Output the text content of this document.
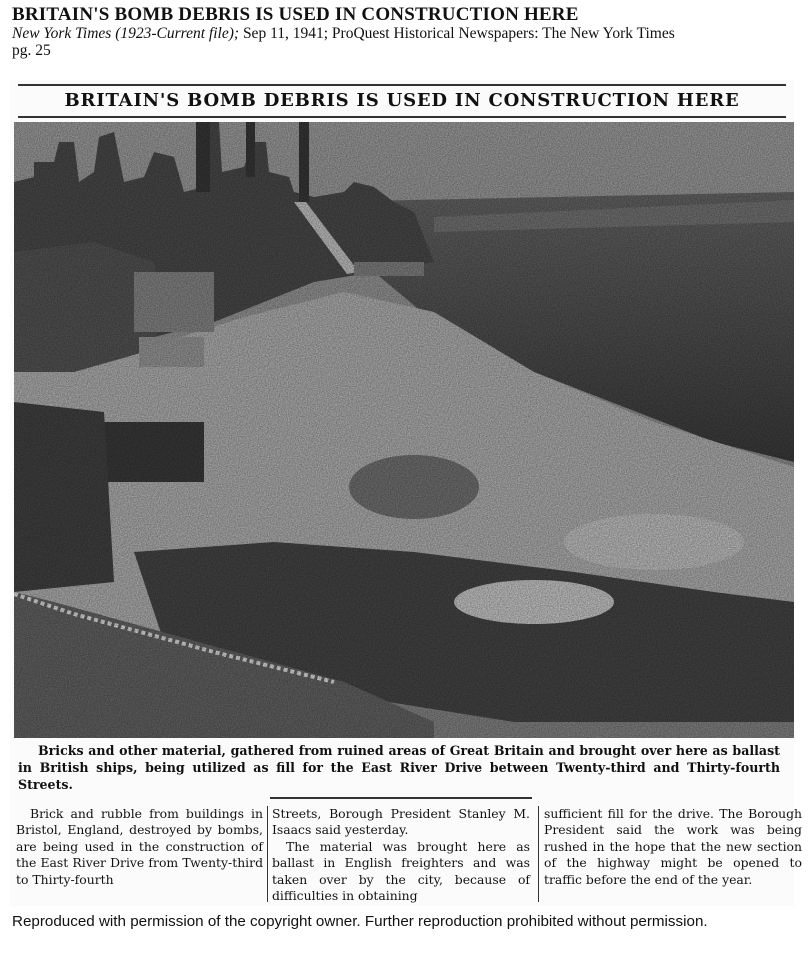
BRITAIN'S BOMB DEBRIS IS USED IN CONSTRUCTION HERE
New York Times (1923-Current file); Sep 11, 1941; ProQuest Historical Newspapers: The New York Times
pg. 25
BRITAIN'S BOMB DEBRIS IS USED IN CONSTRUCTION HERE
Bricks and other material, gathered from ruined areas of Great Britain and brought over here as ballast in British ships, being utilized as fill for the East River Drive between Twenty-third and Thirty-fourth Streets.

Brick and rubble from buildings in Bristol, England, destroyed by bombs, are being used in the construction of the East River Drive from Twenty-third to Thirty-fourth

Streets, Borough President Stanley M. Isaacs said yesterday.

The material was brought here as ballast in English freighters and was taken over by the city, because of difficulties in obtaining

sufficient fill for the drive. The Borough President said the work was being rushed in the hope that the new section of the highway might be opened to traffic before the end of the year.

Reproduced with permission of the copyright owner. Further reproduction prohibited without permission.
